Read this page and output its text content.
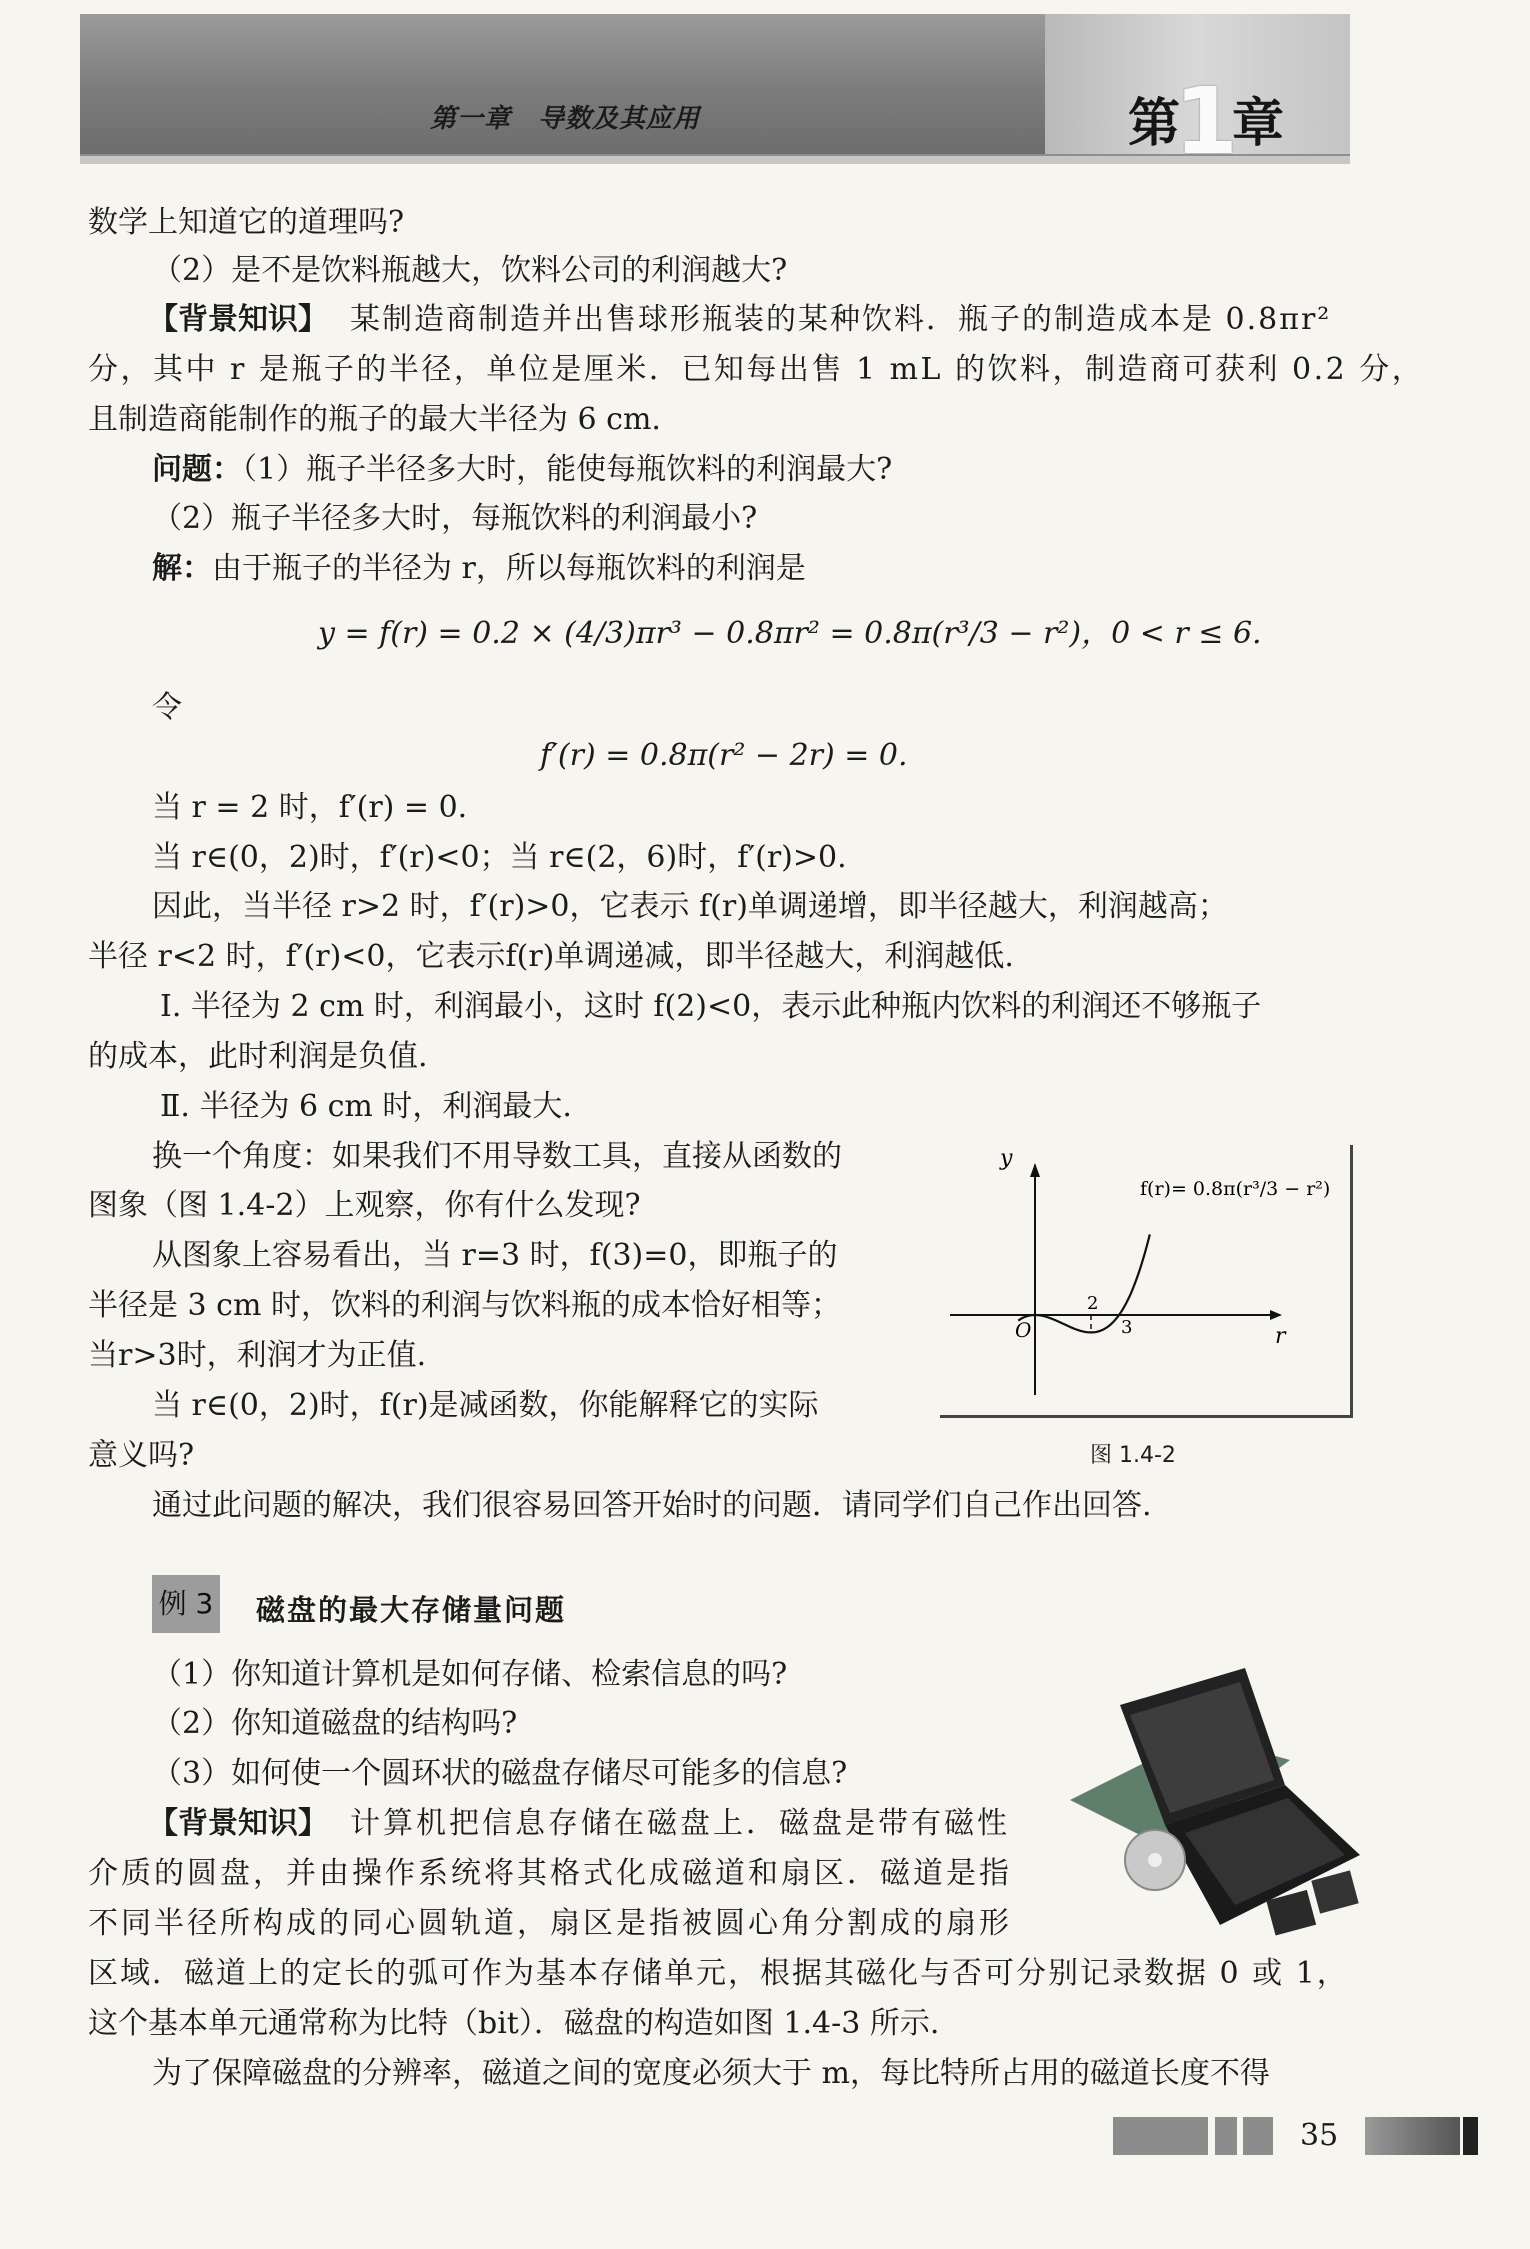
第一章　导数及其应用	第1章
数学上知道它的道理吗?
（2）是不是饮料瓶越大，饮料公司的利润越大?
【背景知识】 某制造商制造并出售球形瓶装的某种饮料．瓶子的制造成本是 0.8πr²
分，其中 r 是瓶子的半径，单位是厘米．已知每出售 1 mL 的饮料，制造商可获利 0.2 分，
且制造商能制作的瓶子的最大半径为 6 cm.
问题：（1）瓶子半径多大时，能使每瓶饮料的利润最大?
（2）瓶子半径多大时，每瓶饮料的利润最小?
解：由于瓶子的半径为 r，所以每瓶饮料的利润是
y = f(r) = 0.2 × (4/3)πr³ − 0.8πr² = 0.8π(r³/3 − r²)，0 < r ≤ 6.
令
f′(r) = 0.8π(r² − 2r) = 0.
当 r = 2 时，f′(r) = 0.
当 r∈(0，2)时，f′(r)<0；当 r∈(2，6)时，f′(r)>0.
因此，当半径 r>2 时，f′(r)>0，它表示 f(r)单调递增，即半径越大，利润越高；
半径 r<2 时，f′(r)<0，它表示f(r)单调递减，即半径越大，利润越低.
Ⅰ. 半径为 2 cm 时，利润最小，这时 f(2)<0，表示此种瓶内饮料的利润还不够瓶子
的成本，此时利润是负值.
Ⅱ. 半径为 6 cm 时，利润最大.
换一个角度：如果我们不用导数工具，直接从函数的
图象（图 1.4-2）上观察，你有什么发现?
从图象上容易看出，当 r=3 时，f(3)=0，即瓶子的
半径是 3 cm 时，饮料的利润与饮料瓶的成本恰好相等；
当r>3时，利润才为正值.
当 r∈(0，2)时，f(r)是减函数，你能解释它的实际
意义吗?
通过此问题的解决，我们很容易回答开始时的问题．请同学们自己作出回答.
y
r
O
2
3
f(r)= 0.8π(r³/3 − r²)
图 1.4-2
例 3 磁盘的最大存储量问题
（1）你知道计算机是如何存储、检索信息的吗?
（2）你知道磁盘的结构吗?
（3）如何使一个圆环状的磁盘存储尽可能多的信息?
【背景知识】 计算机把信息存储在磁盘上．磁盘是带有磁性
介质的圆盘，并由操作系统将其格式化成磁道和扇区．磁道是指
不同半径所构成的同心圆轨道，扇区是指被圆心角分割成的扇形
区域．磁道上的定长的弧可作为基本存储单元，根据其磁化与否可分别记录数据 0 或 1，
这个基本单元通常称为比特（bit）．磁盘的构造如图 1.4-3 所示.
为了保障磁盘的分辨率，磁道之间的宽度必须大于 m，每比特所占用的磁道长度不得
35
